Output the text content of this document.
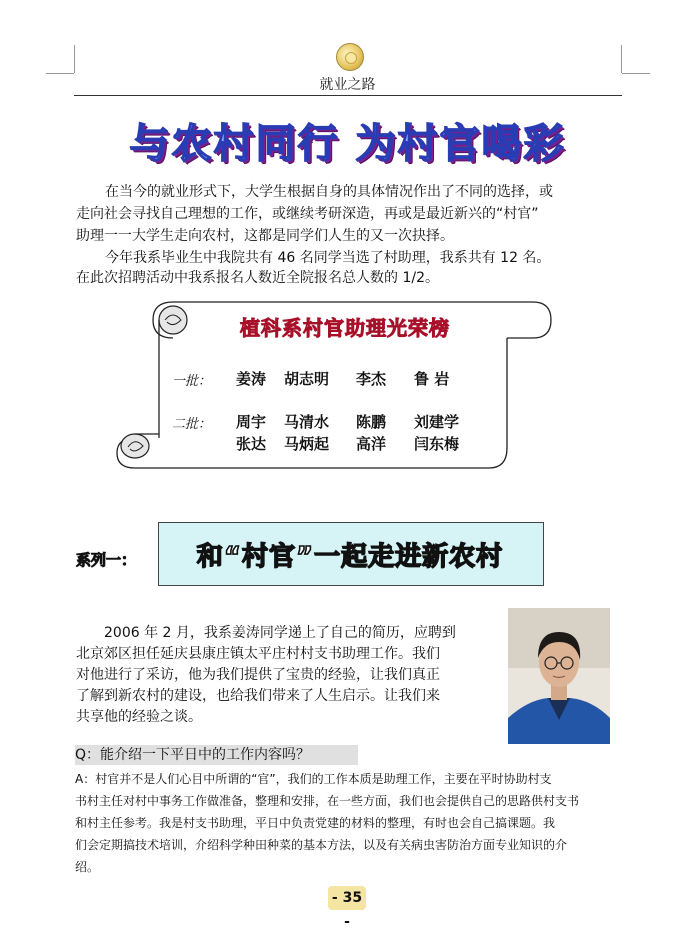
就业之路
与农村同行 为村官喝彩
在当今的就业形式下，大学生根据自身的具体情况作出了不同的选择，或
走向社会寻找自己理想的工作，或继续考研深造，再或是最近新兴的“村官”
助理一一大学生走向农村，这都是同学们人生的又一次抉择。
今年我系毕业生中我院共有 46 名同学当选了村助理，我系共有 12 名。
在此次招聘活动中我系报名人数近全院报名总人数的 1/2。
植科系村官助理光荣榜
一批： 姜涛 胡志明 李杰 鲁 岩
二批： 周宇 马清水 陈鹏 刘建学
张达 马炳起 高洋 闫东梅
系列一：	和“村官”一起走进新农村
2006 年 2 月，我系姜涛同学递上了自己的简历，应聘到
北京郊区担任延庆县康庄镇太平庄村村支书助理工作。我们
对他进行了采访，他为我们提供了宝贵的经验，让我们真正
了解到新农村的建设，也给我们带来了人生启示。让我们来
共享他的经验之谈。
Q：能介绍一下平日中的工作内容吗？
A：村官并不是人们心目中所谓的“官”，我们的工作本质是助理工作，主要在平时协助村支
书村主任对村中事务工作做准备，整理和安排，在一些方面，我们也会提供自己的思路供村支书
和村主任参考。我是村支书助理，平日中负责党建的材料的整理，有时也会自己搞课题。我
们会定期搞技术培训，介绍科学种田种菜的基本方法，以及有关病虫害防治方面专业知识的介
绍。
- 35 -
